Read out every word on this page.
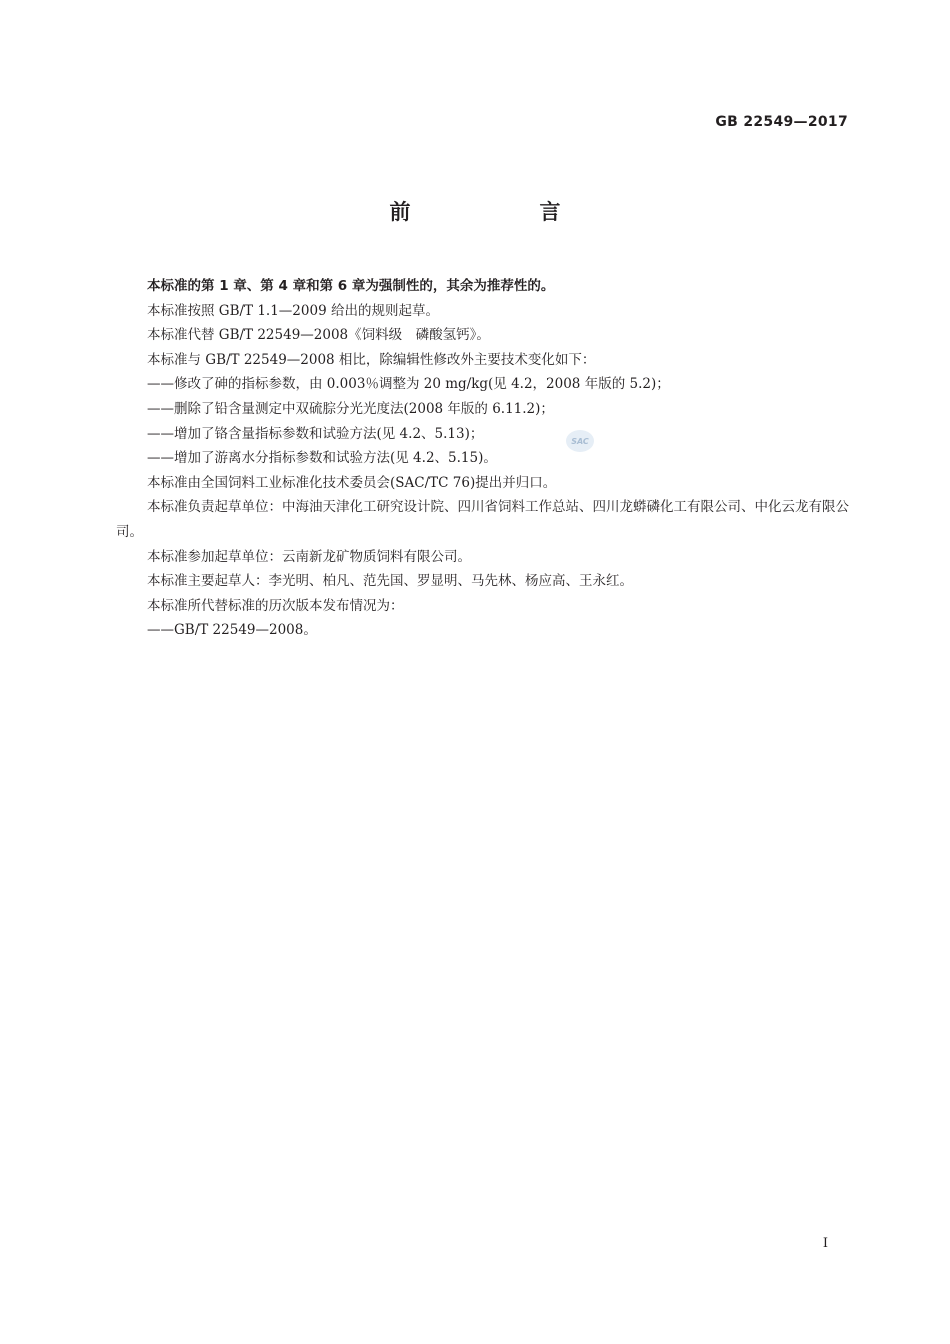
GB 22549—2017
前　言

本标准的第 1 章、第 4 章和第 6 章为强制性的，其余为推荐性的。

本标准按照 GB/T 1.1—2009 给出的规则起草。

本标准代替 GB/T 22549—2008《饲料级　磷酸氢钙》。

本标准与 GB/T 22549—2008 相比，除编辑性修改外主要技术变化如下：

——修改了砷的指标参数，由 0.003％调整为 20 mg/kg(见 4.2，2008 年版的 5.2)；

——删除了铅含量测定中双硫腙分光光度法(2008 年版的 6.11.2)；

——增加了铬含量指标参数和试验方法(见 4.2、5.13)；

——增加了游离水分指标参数和试验方法(见 4.2、5.15)。

本标准由全国饲料工业标准化技术委员会(SAC/TC 76)提出并归口。

本标准负责起草单位：中海油天津化工研究设计院、四川省饲料工作总站、四川龙蟒磷化工有限公司、中化云龙有限公司。

本标准参加起草单位：云南新龙矿物质饲料有限公司。

本标准主要起草人：李光明、柏凡、范先国、罗显明、马先林、杨应高、王永红。

本标准所代替标准的历次版本发布情况为：

——GB/T 22549—2008。

SAC
Ⅰ
